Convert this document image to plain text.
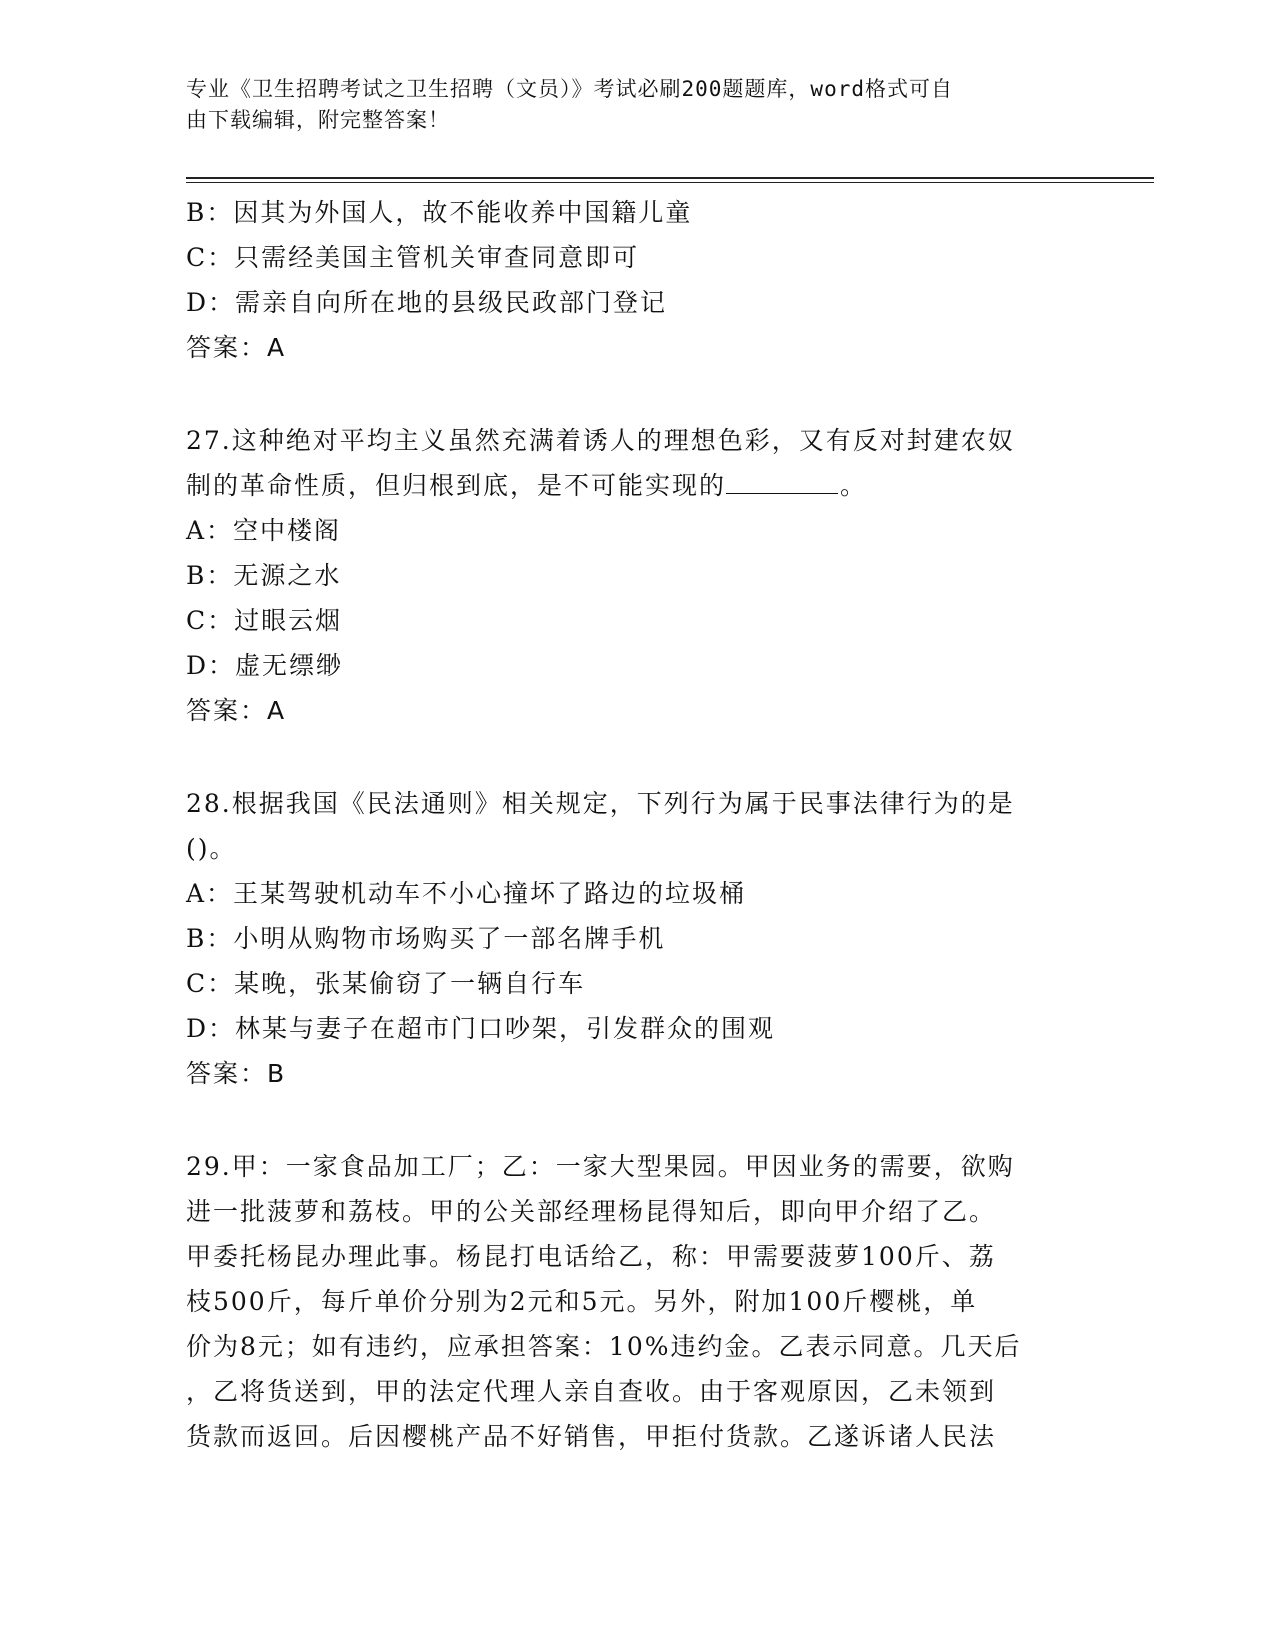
专业《卫生招聘考试之卫生招聘（文员）》考试必刷200题题库，word格式可自
由下载编辑，附完整答案！
B：因其为外国人，故不能收养中国籍儿童
C：只需经美国主管机关审查同意即可
D：需亲自向所在地的县级民政部门登记
答案：A
27.这种绝对平均主义虽然充满着诱人的理想色彩，又有反对封建农奴
制的革命性质，但归根到底，是不可能实现的	。
A：空中楼阁
B：无源之水
C：过眼云烟
D：虚无缥缈
答案：A
28.根据我国《民法通则》相关规定，下列行为属于民事法律行为的是
()。
A：王某驾驶机动车不小心撞坏了路边的垃圾桶
B：小明从购物市场购买了一部名牌手机
C：某晚，张某偷窃了一辆自行车
D：林某与妻子在超市门口吵架，引发群众的围观
答案：B
29.甲：一家食品加工厂；乙：一家大型果园。甲因业务的需要，欲购
进一批菠萝和荔枝。甲的公关部经理杨昆得知后，即向甲介绍了乙。
甲委托杨昆办理此事。杨昆打电话给乙，称：甲需要菠萝100斤、荔
枝500斤，每斤单价分别为2元和5元。另外，附加100斤樱桃，单
价为8元；如有违约，应承担答案：10%违约金。乙表示同意。几天后
，乙将货送到，甲的法定代理人亲自查收。由于客观原因，乙未领到
货款而返回。后因樱桃产品不好销售，甲拒付货款。乙遂诉诸人民法
